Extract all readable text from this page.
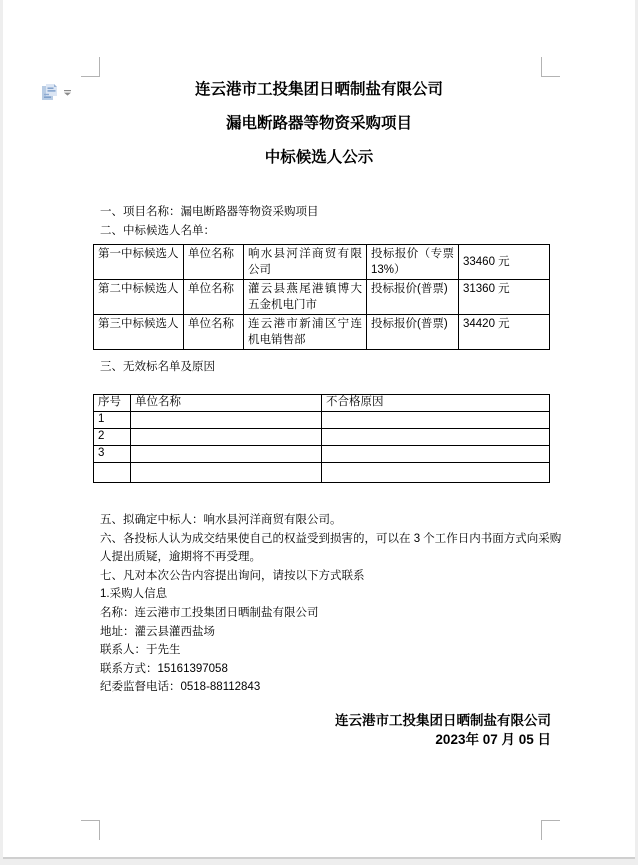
连云港市工投集团日晒制盐有限公司
漏电断路器等物资采购项目
中标候选人公示
一、项目名称：漏电断路器等物资采购项目
二、中标候选人名单：
第一中标候选人	单位名称	响水县河洋商贸有限公司	投标报价（专票13%）	33460 元
第二中标候选人	单位名称	灌云县燕尾港镇博大五金机电门市	投标报价(普票)	31360 元
第三中标候选人	单位名称	连云港市新浦区宁连机电销售部	投标报价(普票)	34420 元
三、无效标名单及原因
序号	单位名称	不合格原因
1		
2		
3		

五、拟确定中标人：响水县河洋商贸有限公司。
六、各投标人认为成交结果使自己的权益受到损害的，可以在 3 个工作日内书面方式向采购
人提出质疑，逾期将不再受理。
七、凡对本次公告内容提出询问，请按以下方式联系
1.采购人信息
名称：连云港市工投集团日晒制盐有限公司
地址：灌云县灌西盐场
联系人：于先生
联系方式：15161397058
纪委监督电话：0518-88112843
连云港市工投集团日晒制盐有限公司
2023年 07 月 05 日
